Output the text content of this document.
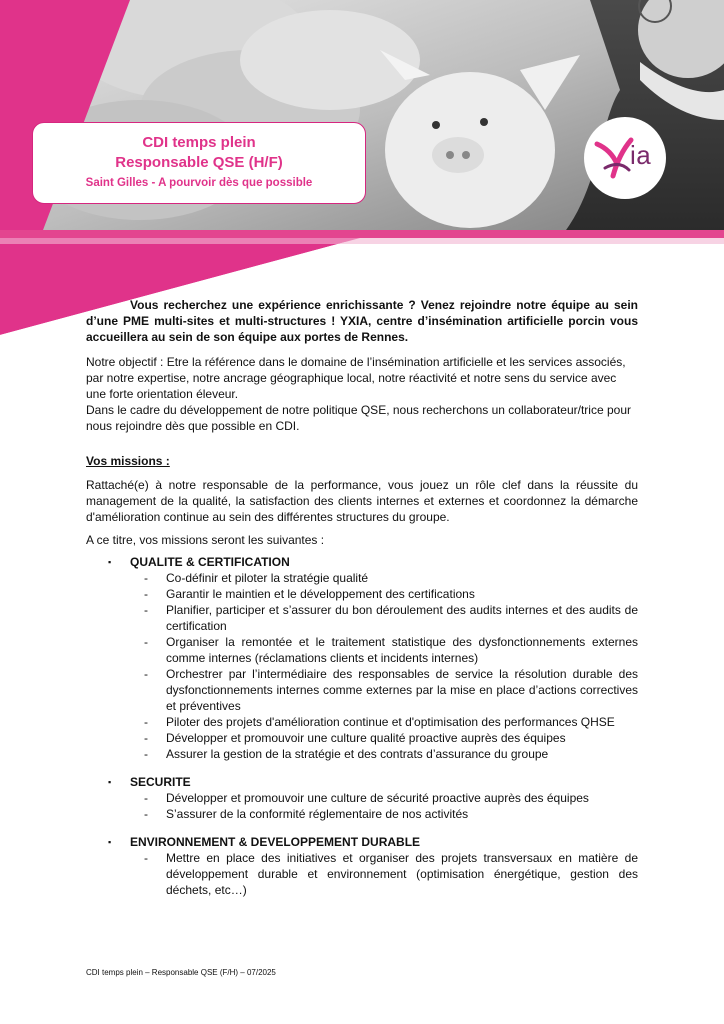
CDI temps plein
Responsable QSE (H/F)
Saint Gilles - A pourvoir dès que possible
ia

Vous recherchez une expérience enrichissante ? Venez rejoindre notre équipe au sein d’une PME multi-sites et multi-structures ! YXIA, centre d’insémination artificielle porcin vous accueillera au sein de son équipe aux portes de Rennes.

Notre objectif : Etre la référence dans le domaine de l’insémination artificielle et les services associés, par notre expertise, notre ancrage géographique local, notre réactivité et notre sens du service avec une forte orientation éleveur.

Dans le cadre du développement de notre politique QSE, nous recherchons un collaborateur/trice pour nous rejoindre dès que possible en CDI.

Vos missions :

Rattaché(e) à notre responsable de la performance, vous jouez un rôle clef dans la réussite du management de la qualité, la satisfaction des clients internes et externes et coordonnez la démarche d'amélioration continue au sein des différentes structures du groupe.

A ce titre, vos missions seront les suivantes :

▪ QUALITE & CERTIFICATION
- Co-définir et piloter la stratégie qualité
- Garantir le maintien et le développement des certifications
- Planifier, participer et s’assurer du bon déroulement des audits internes et des audits de certification
- Organiser la remontée et le traitement statistique des dysfonctionnements externes comme internes (réclamations clients et incidents internes)
- Orchestrer par l’intermédiaire des responsables de service la résolution durable des dysfonctionnements internes comme externes par la mise en place d’actions correctives et préventives
- Piloter des projets d'amélioration continue et d'optimisation des performances QHSE
- Développer et promouvoir une culture qualité proactive auprès des équipes
- Assurer la gestion de la stratégie et des contrats d’assurance du groupe
▪ SECURITE
- Développer et promouvoir une culture de sécurité proactive auprès des équipes
- S’assurer de la conformité réglementaire de nos activités
▪ ENVIRONNEMENT & DEVELOPPEMENT DURABLE
- Mettre en place des initiatives et organiser des projets transversaux en matière de développement durable et environnement (optimisation énergétique, gestion des déchets, etc…)
CDI temps plein – Responsable QSE (F/H) – 07/2025
